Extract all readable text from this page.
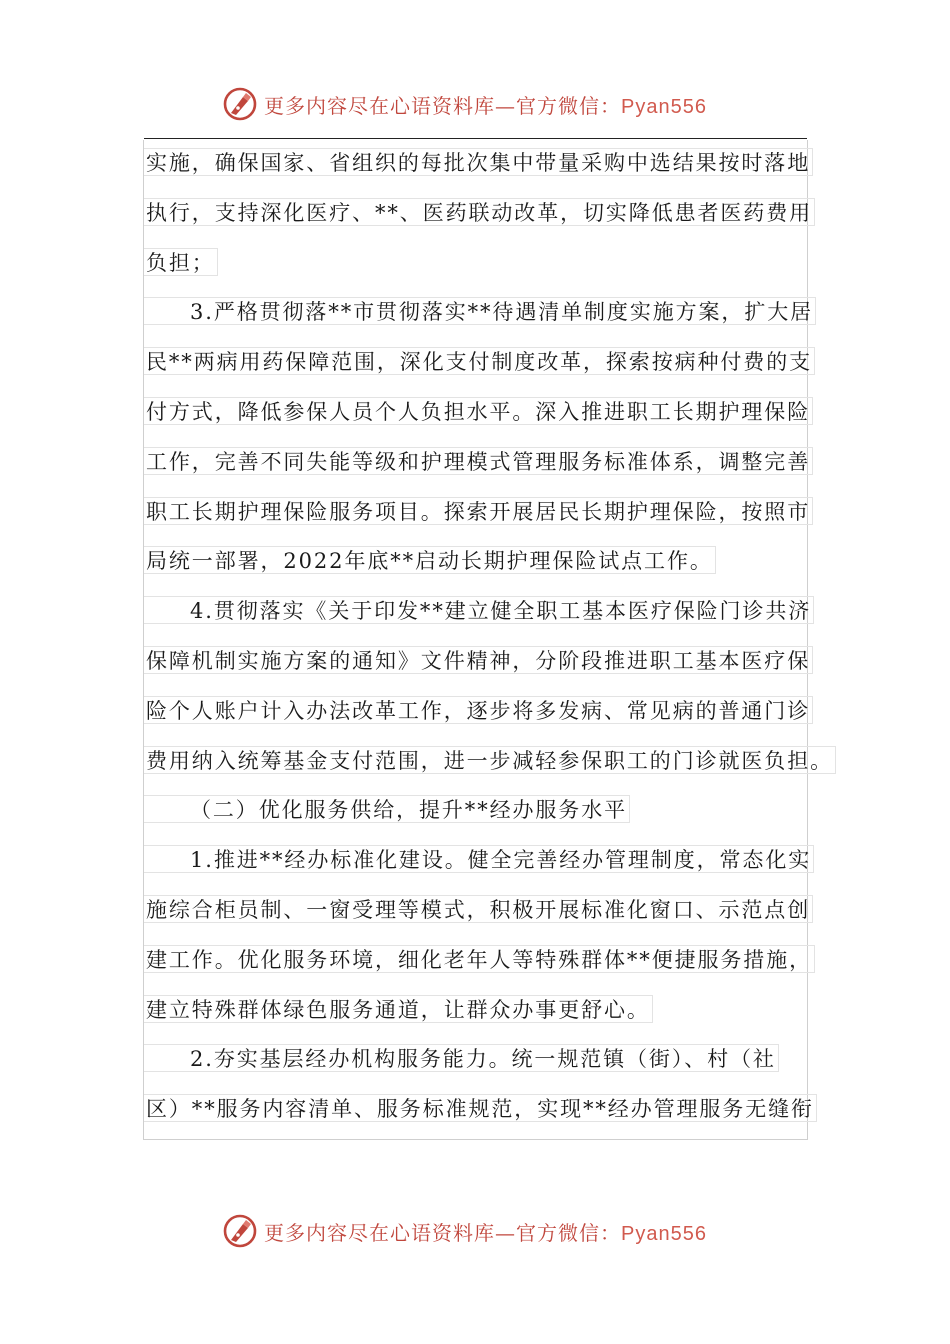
更多内容尽在心语资料库—官方微信：Pyan556
实施，确保国家、省组织的每批次集中带量采购中选结果按时落地
执行，支持深化医疗、**、医药联动改革，切实降低患者医药费用
负担；
3.严格贯彻落**市贯彻落实**待遇清单制度实施方案，扩大居
民**两病用药保障范围，深化支付制度改革，探索按病种付费的支
付方式，降低参保人员个人负担水平。深入推进职工长期护理保险
工作，完善不同失能等级和护理模式管理服务标准体系，调整完善
职工长期护理保险服务项目。探索开展居民长期护理保险，按照市
局统一部署，2022年底**启动长期护理保险试点工作。
4.贯彻落实《关于印发**建立健全职工基本医疗保险门诊共济
保障机制实施方案的通知》文件精神，分阶段推进职工基本医疗保
险个人账户计入办法改革工作，逐步将多发病、常见病的普通门诊
费用纳入统筹基金支付范围，进一步减轻参保职工的门诊就医负担。
（二）优化服务供给，提升**经办服务水平
1.推进**经办标准化建设。健全完善经办管理制度，常态化实
施综合柜员制、一窗受理等模式，积极开展标准化窗口、示范点创
建工作。优化服务环境，细化老年人等特殊群体**便捷服务措施，
建立特殊群体绿色服务通道，让群众办事更舒心。
2.夯实基层经办机构服务能力。统一规范镇（街）、村（社
区）**服务内容清单、服务标准规范，实现**经办管理服务无缝衔
更多内容尽在心语资料库—官方微信：Pyan556
